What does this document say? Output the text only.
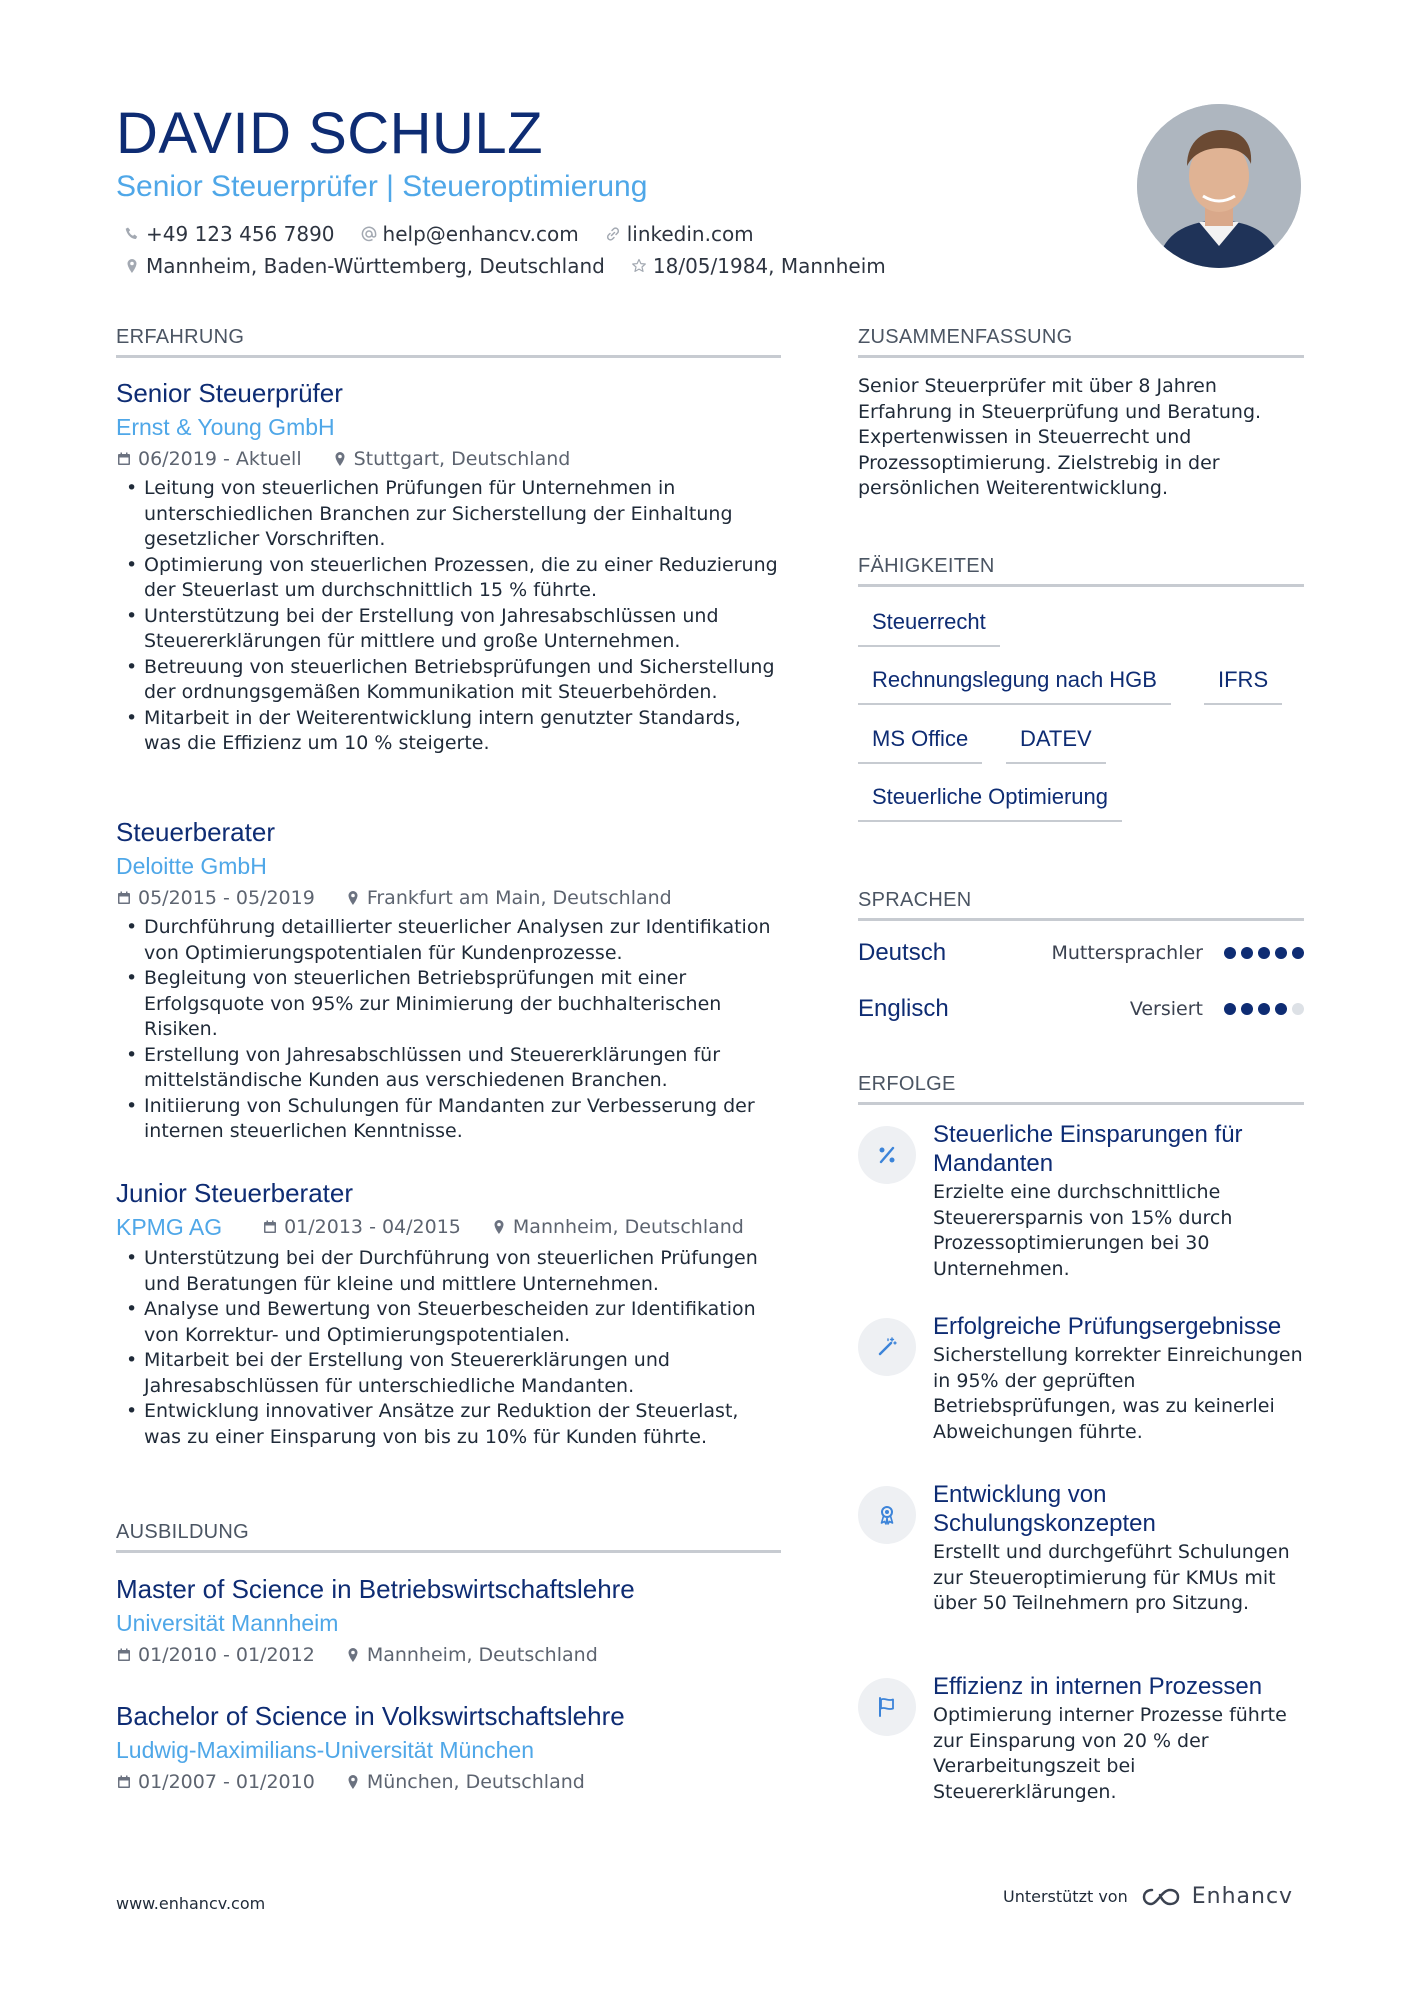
DAVID SCHULZ
Senior Steuerprüfer | Steueroptimierung
+49 123 456 7890 help@enhancv.com linkedin.com
Mannheim, Baden-Württemberg, Deutschland 18/05/1984, Mannheim
ERFAHRUNG
Senior Steuerprüfer
Ernst & Young GmbH
06/2019 - Aktuell	Stuttgart, Deutschland
• Leitung von steuerlichen Prüfungen für Unternehmen in unterschiedlichen Branchen zur Sicherstellung der Einhaltung gesetzlicher Vorschriften.
• Optimierung von steuerlichen Prozessen, die zu einer Reduzierung der Steuerlast um durchschnittlich 15 % führte.
• Unterstützung bei der Erstellung von Jahresabschlüssen und Steuererklärungen für mittlere und große Unternehmen.
• Betreuung von steuerlichen Betriebsprüfungen und Sicherstellung der ordnungsgemäßen Kommunikation mit Steuerbehörden.
• Mitarbeit in der Weiterentwicklung intern genutzter Standards, was die Effizienz um 10 % steigerte.
Steuerberater
Deloitte GmbH
05/2015 - 05/2019	Frankfurt am Main, Deutschland
• Durchführung detaillierter steuerlicher Analysen zur Identifikation von Optimierungspotentialen für Kundenprozesse.
• Begleitung von steuerlichen Betriebsprüfungen mit einer Erfolgsquote von 95% zur Minimierung der buchhalterischen Risiken.
• Erstellung von Jahresabschlüssen und Steuererklärungen für mittelständische Kunden aus verschiedenen Branchen.
• Initiierung von Schulungen für Mandanten zur Verbesserung der internen steuerlichen Kenntnisse.
Junior Steuerberater
KPMG AG	01/2013 - 04/2015	Mannheim, Deutschland
• Unterstützung bei der Durchführung von steuerlichen Prüfungen und Beratungen für kleine und mittlere Unternehmen.
• Analyse und Bewertung von Steuerbescheiden zur Identifikation von Korrektur- und Optimierungspotentialen.
• Mitarbeit bei der Erstellung von Steuererklärungen und Jahresabschlüssen für unterschiedliche Mandanten.
• Entwicklung innovativer Ansätze zur Reduktion der Steuerlast, was zu einer Einsparung von bis zu 10% für Kunden führte.
AUSBILDUNG
Master of Science in Betriebswirtschaftslehre
Universität Mannheim
01/2010 - 01/2012	Mannheim, Deutschland
Bachelor of Science in Volkswirtschaftslehre
Ludwig-Maximilians-Universität München
01/2007 - 01/2010	München, Deutschland
ZUSAMMENFASSUNG
Senior Steuerprüfer mit über 8 Jahren Erfahrung in Steuerprüfung und Beratung. Expertenwissen in Steuerrecht und Prozessoptimierung. Zielstrebig in der persönlichen Weiterentwicklung.
FÄHIGKEITEN
Steuerrecht
Rechnungslegung nach HGB	IFRS
MS Office	DATEV
Steuerliche Optimierung
SPRACHEN
Deutsch	Muttersprachler
Englisch	Versiert
ERFOLGE
Steuerliche Einsparungen für Mandanten
Erzielte eine durchschnittliche Steuerersparnis von 15% durch Prozessoptimierungen bei 30 Unternehmen.
Erfolgreiche Prüfungsergebnisse
Sicherstellung korrekter Einreichungen in 95% der geprüften Betriebsprüfungen, was zu keinerlei Abweichungen führte.
Entwicklung von Schulungskonzepten
Erstellt und durchgeführt Schulungen zur Steueroptimierung für KMUs mit über 50 Teilnehmern pro Sitzung.
Effizienz in internen Prozessen
Optimierung interner Prozesse führte zur Einsparung von 20 % der Verarbeitungszeit bei Steuererklärungen.
www.enhancv.com	Unterstützt von	Enhancv
